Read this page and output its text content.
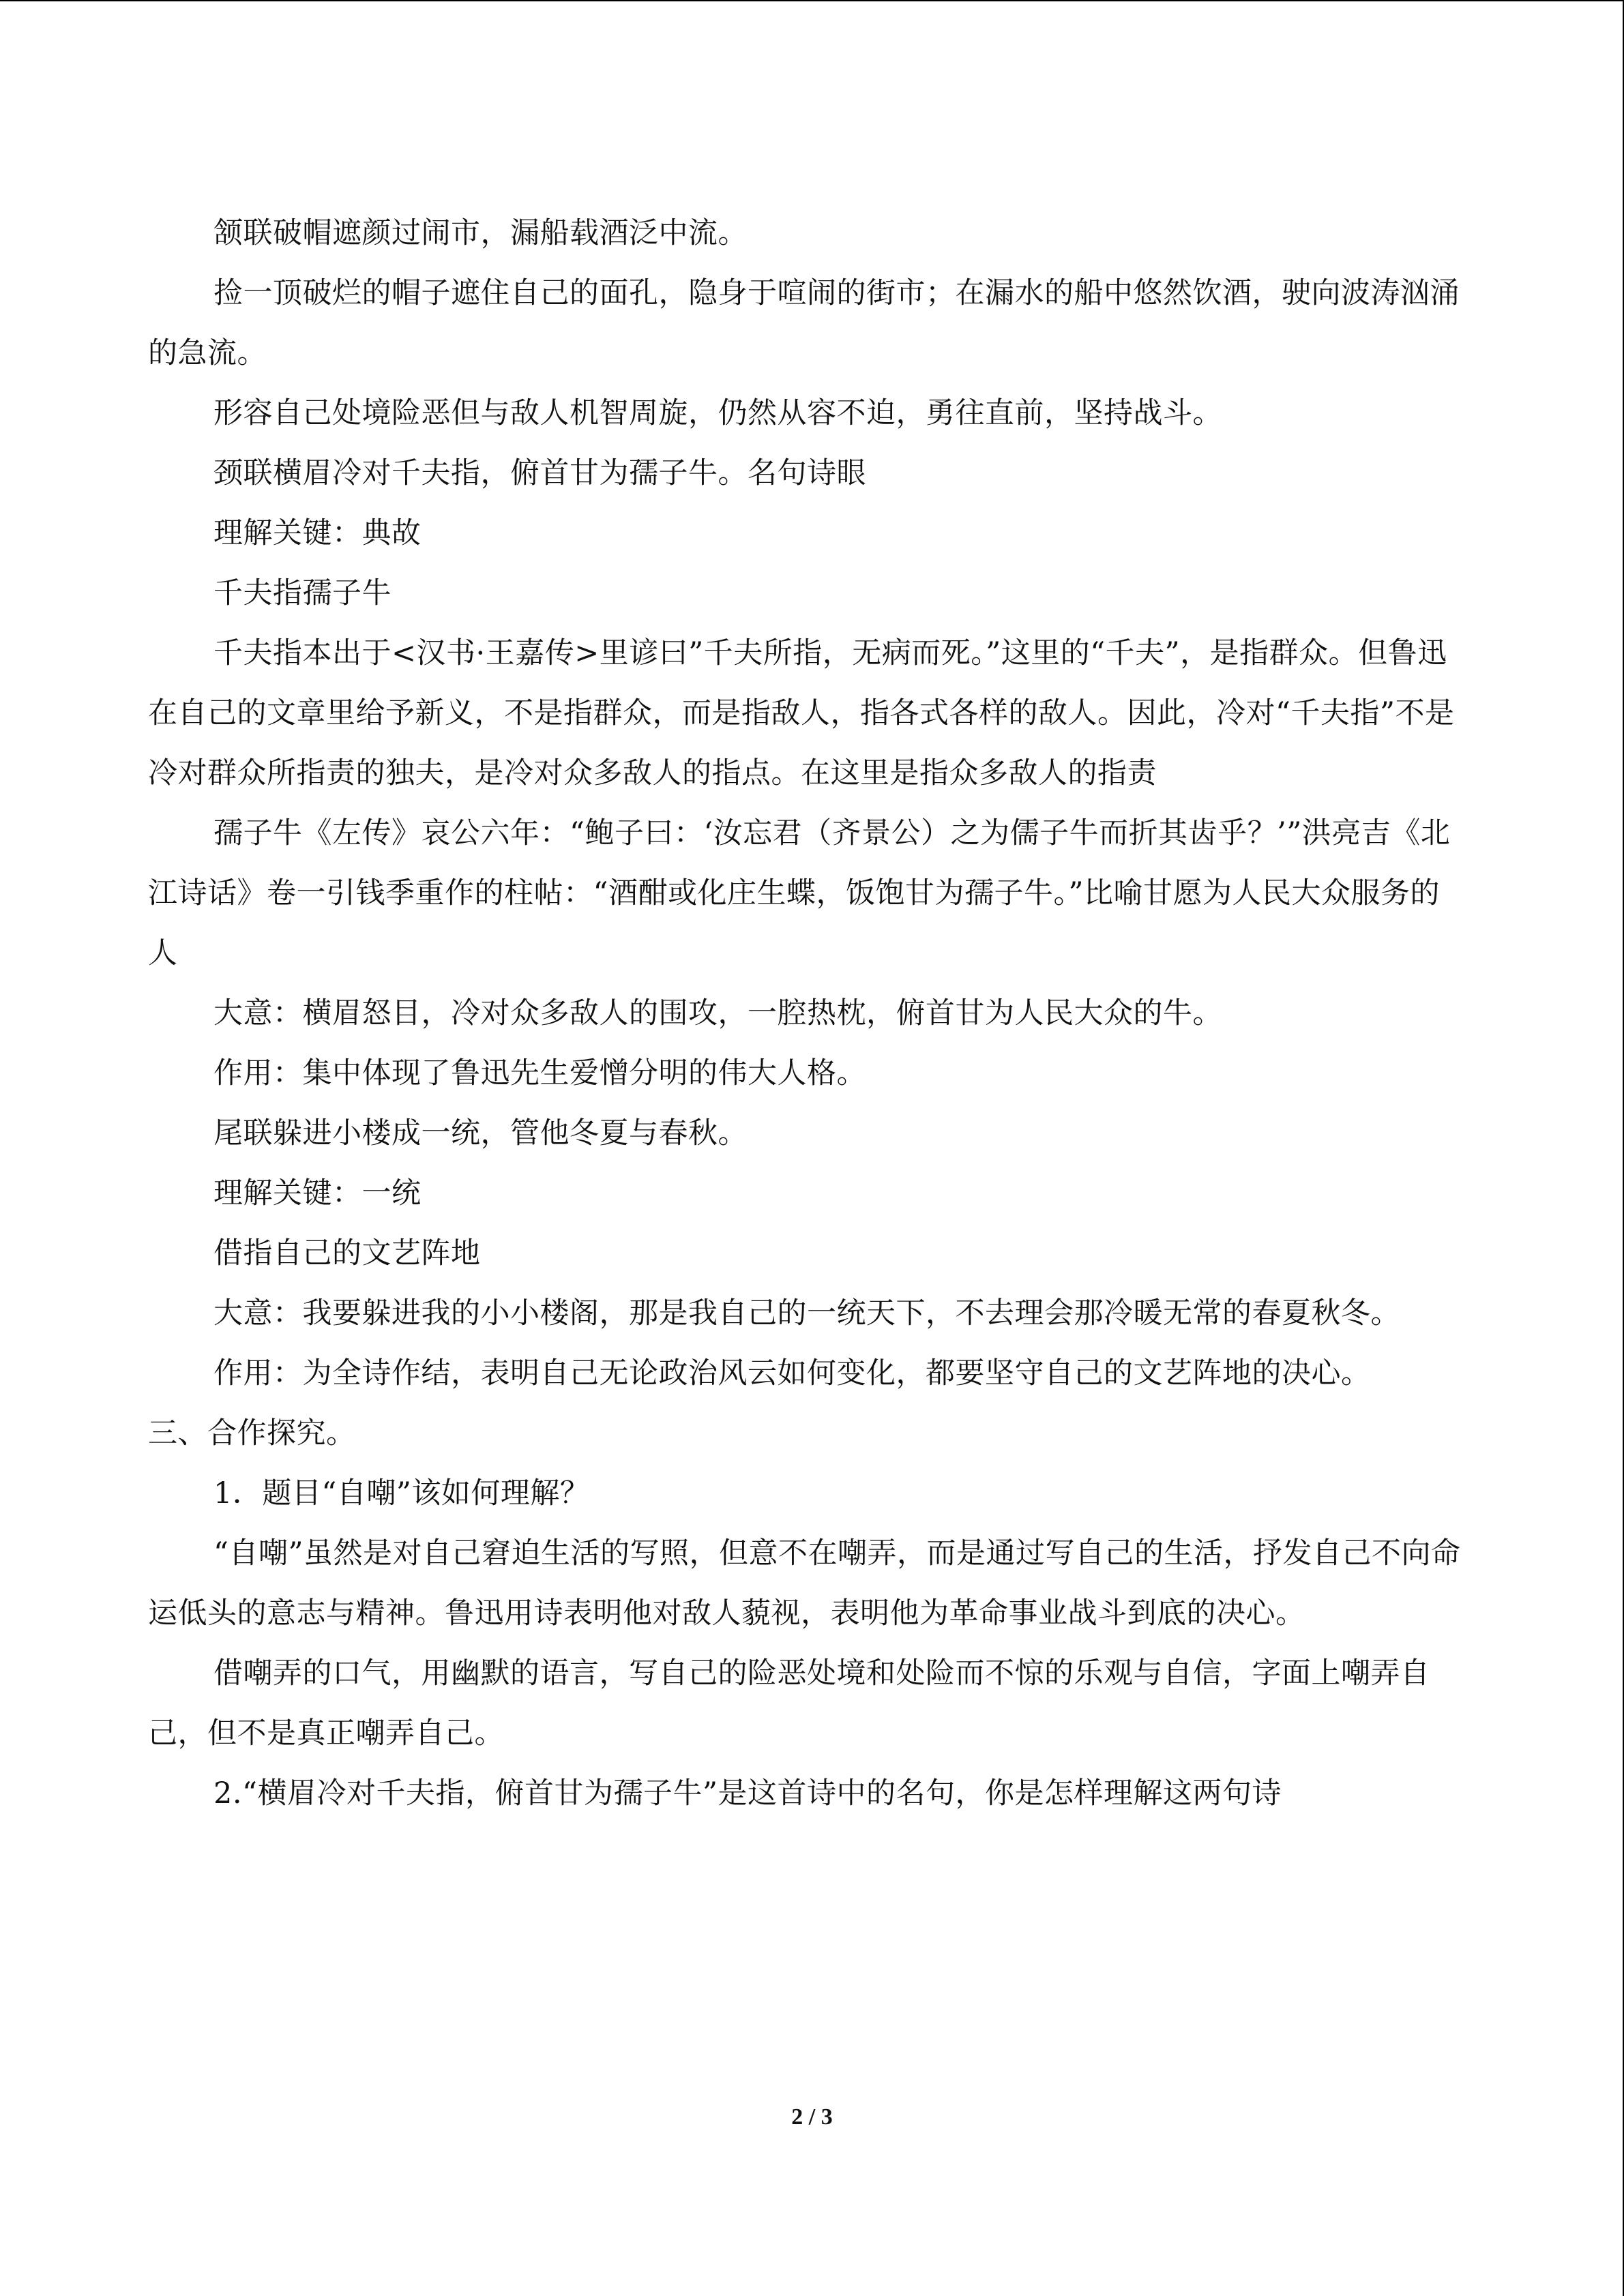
颔联破帽遮颜过闹市，漏船载酒泛中流。

捡一顶破烂的帽子遮住自己的面孔，隐身于喧闹的街市；在漏水的船中悠然饮酒，驶向波涛汹涌的急流。

形容自己处境险恶但与敌人机智周旋，仍然从容不迫，勇往直前，坚持战斗。

颈联横眉冷对千夫指，俯首甘为孺子牛。名句诗眼

理解关键：典故

千夫指孺子牛

千夫指本出于<汉书·王嘉传>里谚曰”千夫所指，无病而死。”这里的“千夫”，是指群众。但鲁迅在自己的文章里给予新义，不是指群众，而是指敌人，指各式各样的敌人。因此，冷对“千夫指”不是冷对群众所指责的独夫，是冷对众多敌人的指点。在这里是指众多敌人的指责

孺子牛《左传》哀公六年：“鲍子曰：‘汝忘君（齐景公）之为儒子牛而折其齿乎？’”洪亮吉《北江诗话》卷一引钱季重作的柱帖：“酒酣或化庄生蝶，饭饱甘为孺子牛。”比喻甘愿为人民大众服务的人

大意：横眉怒目，冷对众多敌人的围攻，一腔热枕，俯首甘为人民大众的牛。

作用：集中体现了鲁迅先生爱憎分明的伟大人格。

尾联躲进小楼成一统，管他冬夏与春秋。

理解关键：一统

借指自己的文艺阵地

大意：我要躲进我的小小楼阁，那是我自己的一统天下，不去理会那冷暖无常的春夏秋冬。

作用：为全诗作结，表明自己无论政治风云如何变化，都要坚守自己的文艺阵地的决心。

三、合作探究。

1．题目“自嘲”该如何理解？

“自嘲”虽然是对自己窘迫生活的写照，但意不在嘲弄，而是通过写自己的生活，抒发自己不向命运低头的意志与精神。鲁迅用诗表明他对敌人藐视，表明他为革命事业战斗到底的决心。

借嘲弄的口气，用幽默的语言，写自己的险恶处境和处险而不惊的乐观与自信，字面上嘲弄自己，但不是真正嘲弄自己。

2.“横眉冷对千夫指，俯首甘为孺子牛”是这首诗中的名句，你是怎样理解这两句诗

2 / 3
